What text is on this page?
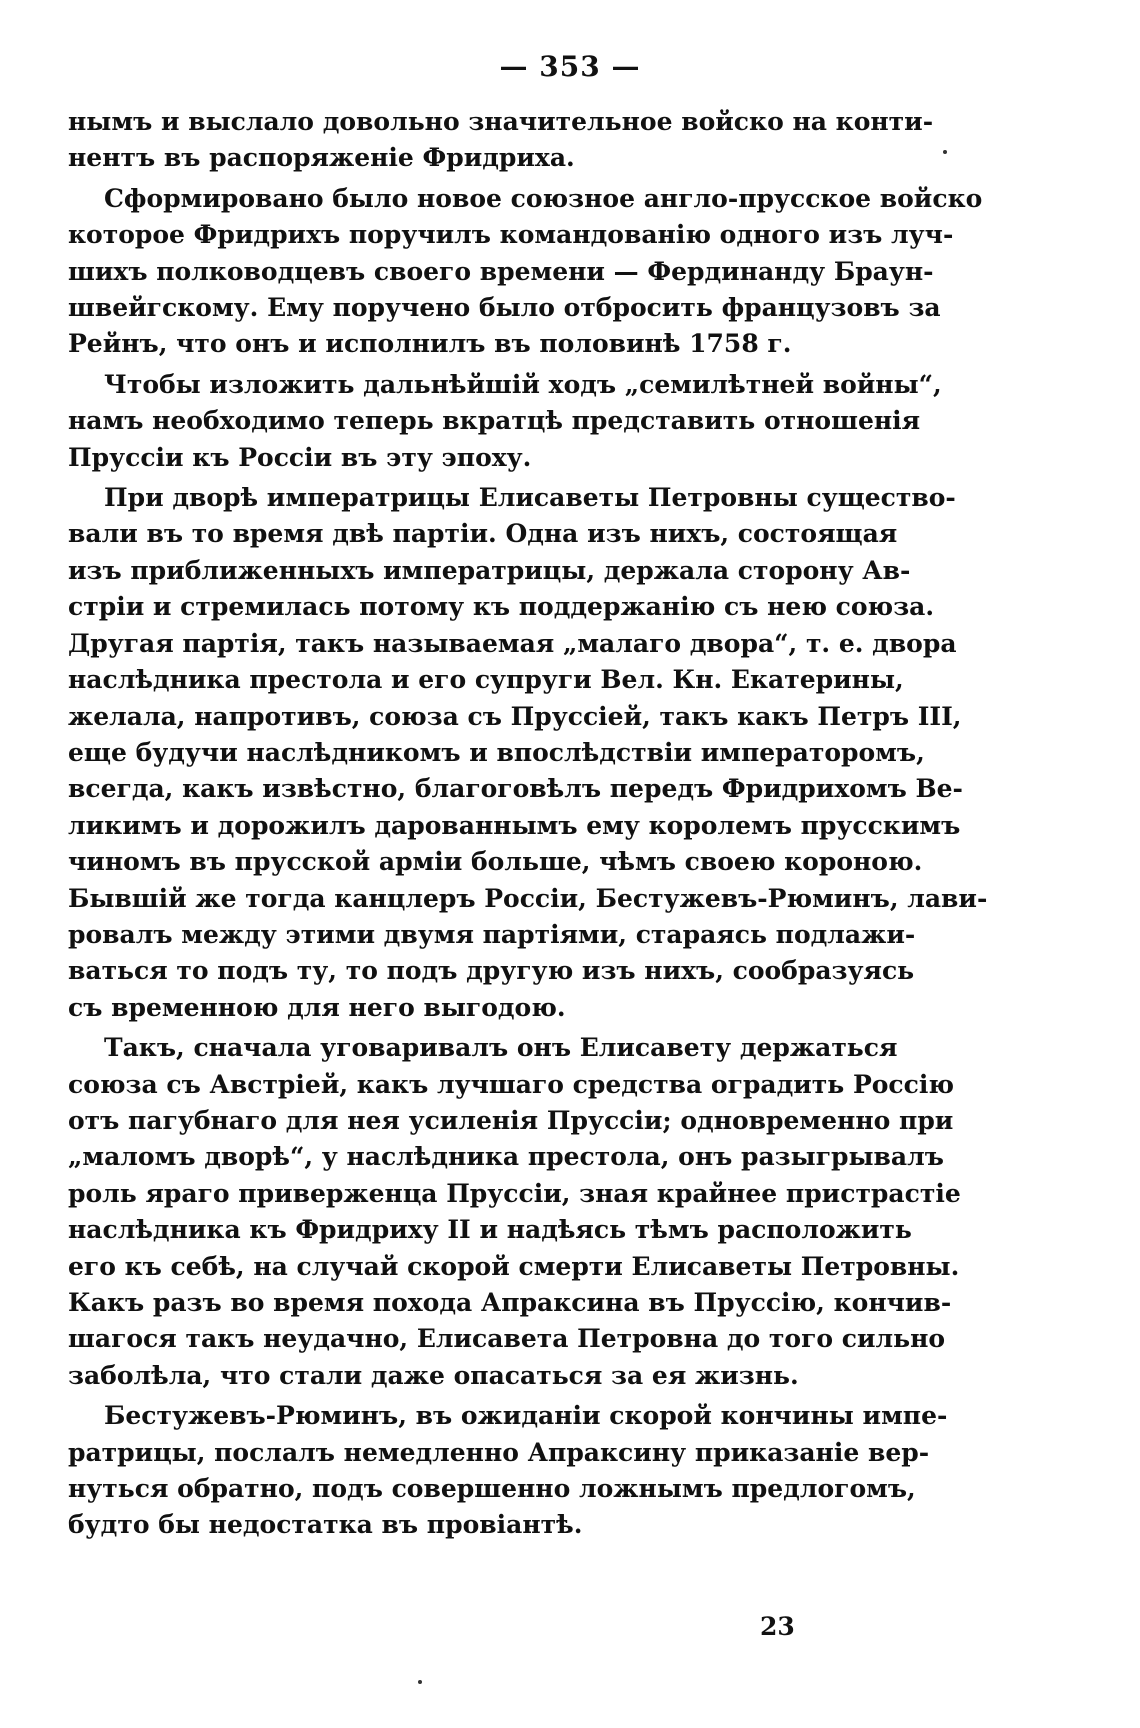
— 353 —
нымъ и выслало довольно значительное войско на конти-
нентъ въ распоряженіе Фридриха.
Сформировано было новое союзное англо-прусское войско
которое Фридрихъ поручилъ командованію одного изъ луч-
шихъ полководцевъ своего времени — Фердинанду Браун-
швейгскому. Ему поручено было отбросить французовъ за
Рейнъ, что онъ и исполнилъ въ половинѣ 1758 г.
Чтобы изложить дальнѣйшій ходъ „семилѣтней войны“,
намъ необходимо теперь вкратцѣ представить отношенія
Пруссіи къ Россіи въ эту эпоху.
При дворѣ императрицы Елисаветы Петровны существо-
вали въ то время двѣ партіи. Одна изъ нихъ, состоящая
изъ приближенныхъ императрицы, держала сторону Ав-
стріи и стремилась потому къ поддержанію съ нею союза.
Другая партія, такъ называемая „малаго двора“, т. е. двора
наслѣдника престола и его супруги Вел. Кн. Екатерины,
желала, напротивъ, союза съ Пруссіей, такъ какъ Петръ III,
еще будучи наслѣдникомъ и впослѣдствіи императоромъ,
всегда, какъ извѣстно, благоговѣлъ передъ Фридрихомъ Ве-
ликимъ и дорожилъ дарованнымъ ему королемъ прусскимъ
чиномъ въ прусской арміи больше, чѣмъ своею короною.
Бывшій же тогда канцлеръ Россіи, Бестужевъ-Рюминъ, лави-
ровалъ между этими двумя партіями, стараясь подлажи-
ваться то подъ ту, то подъ другую изъ нихъ, сообразуясь
съ временною для него выгодою.
Такъ, сначала уговаривалъ онъ Елисавету держаться
союза съ Австріей, какъ лучшаго средства оградить Россію
отъ пагубнаго для нея усиленія Пруссіи; одновременно при
„маломъ дворѣ“, у наслѣдника престола, онъ разыгрывалъ
роль яраго приверженца Пруссіи, зная крайнее пристрастіе
наслѣдника къ Фридриху II и надѣясь тѣмъ расположить
его къ себѣ, на случай скорой смерти Елисаветы Петровны.
Какъ разъ во время похода Апраксина въ Пруссію, кончив-
шагося такъ неудачно, Елисавета Петровна до того сильно
заболѣла, что стали даже опасаться за ея жизнь.
Бестужевъ-Рюминъ, въ ожиданіи скорой кончины импе-
ратрицы, послалъ немедленно Апраксину приказаніе вер-
нуться обратно, подъ совершенно ложнымъ предлогомъ,
будто бы недостатка въ провіантѣ.
23
